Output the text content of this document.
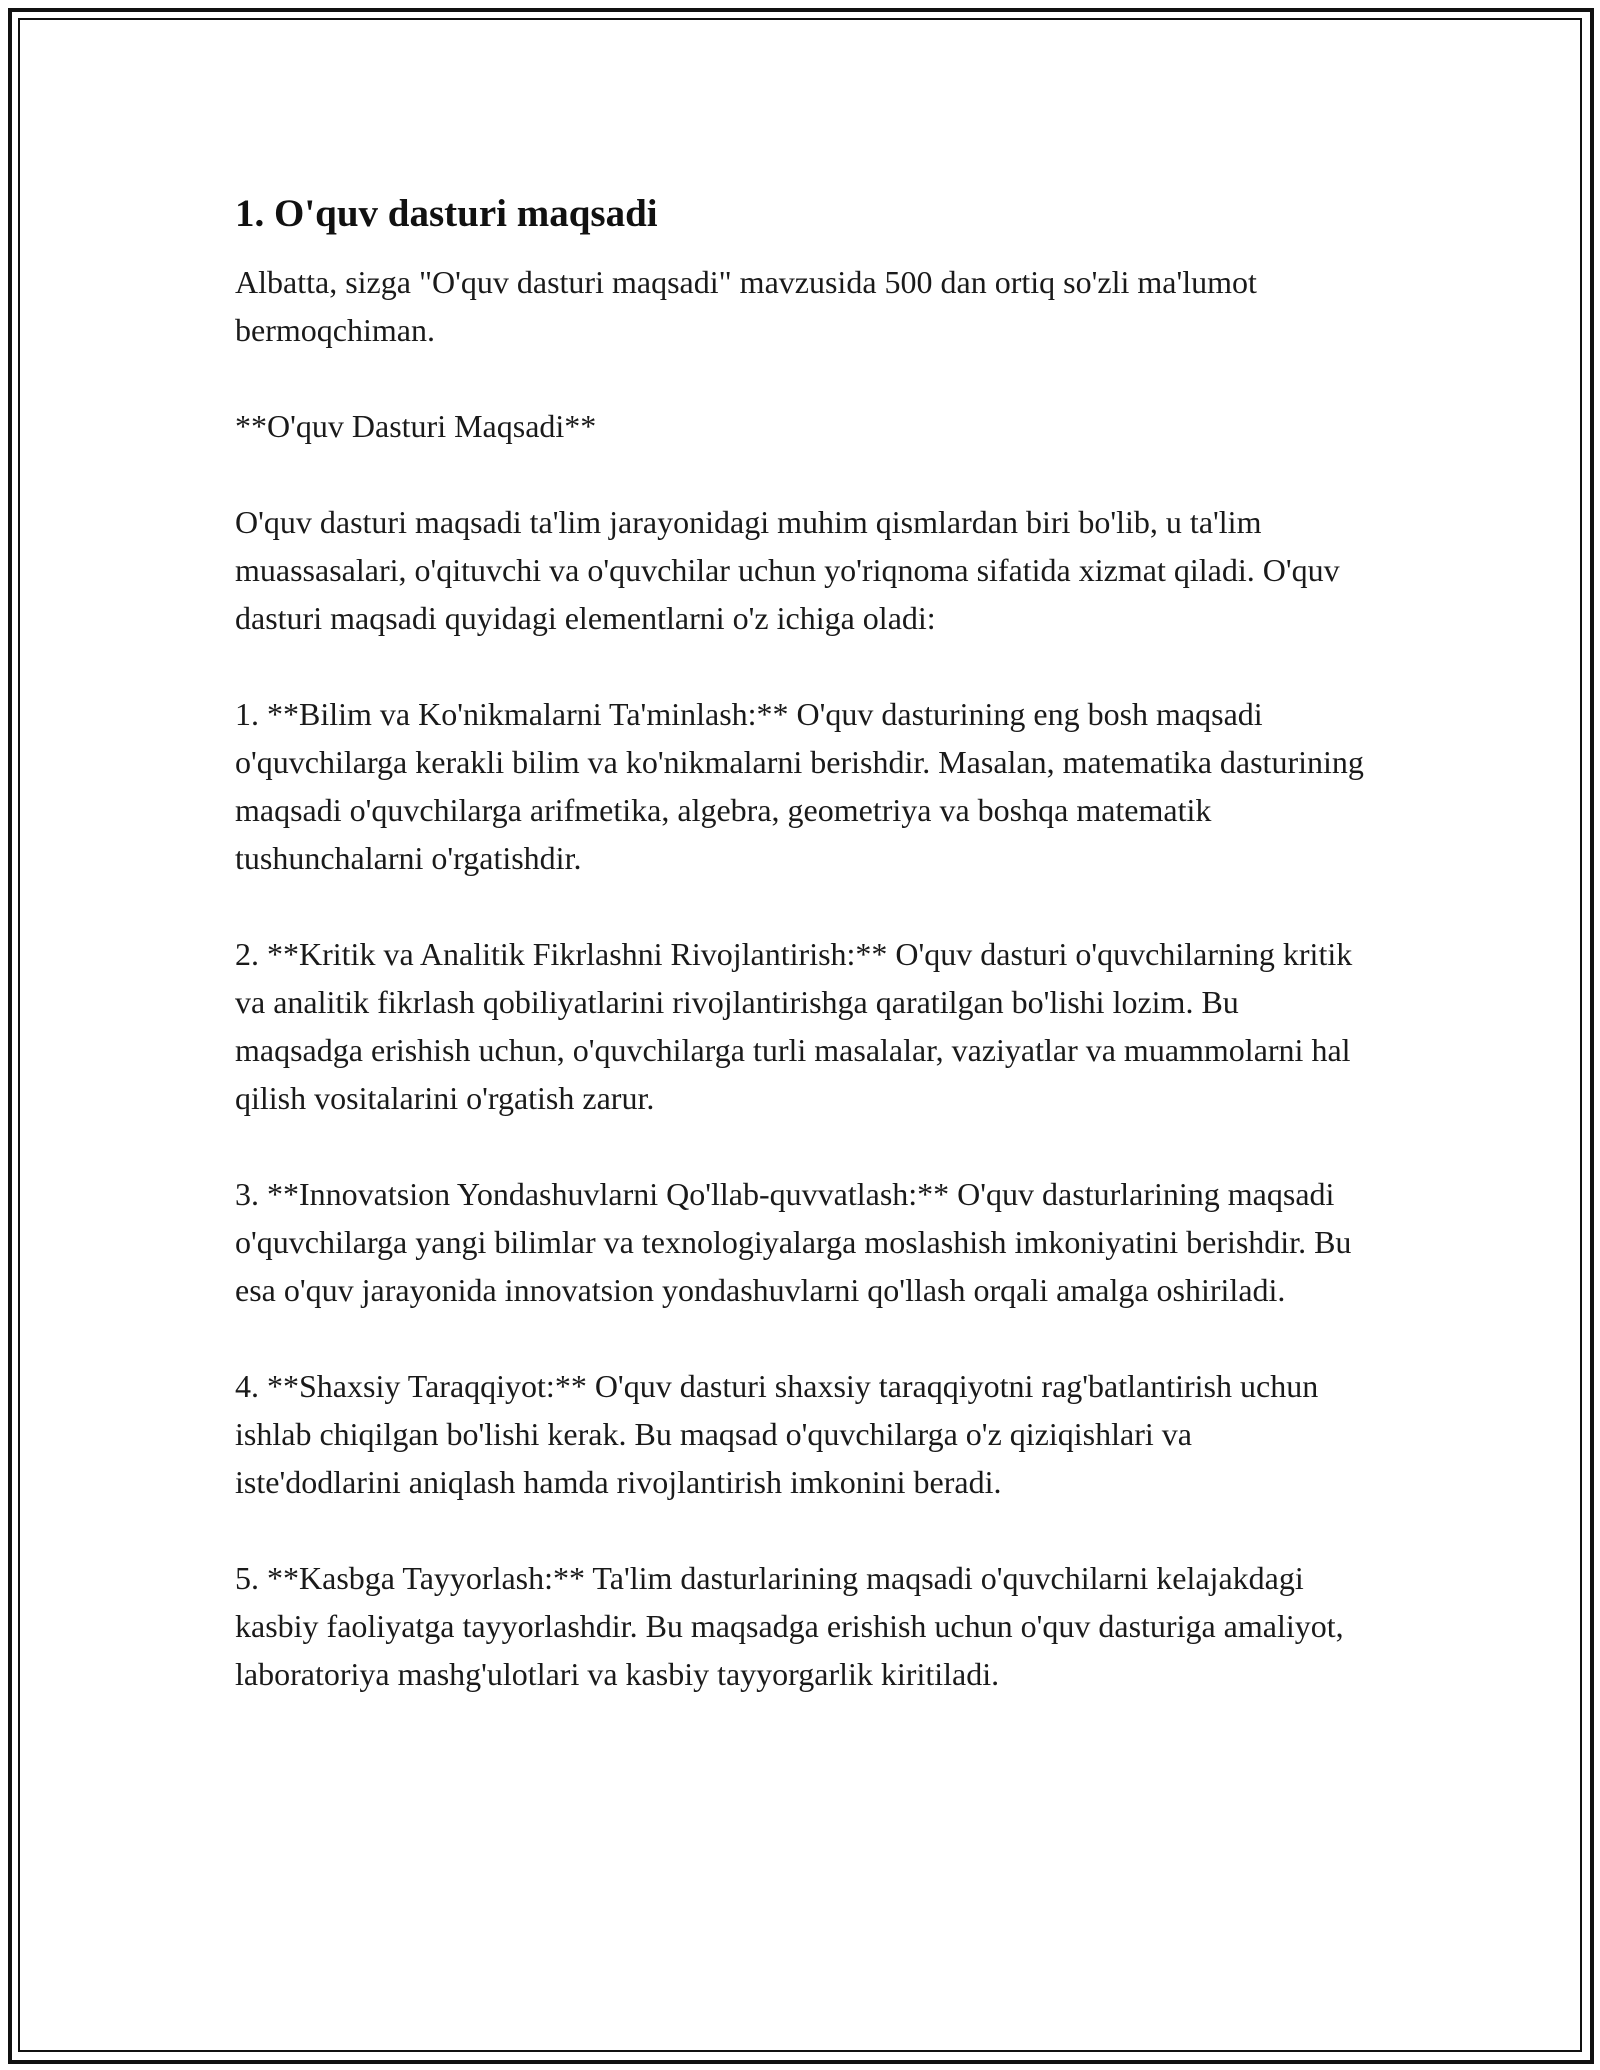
1. O'quv dasturi maqsadi

Albatta, sizga "O'quv dasturi maqsadi" mavzusida 500 dan ortiq so'zli ma'lumot bermoqchiman.

**O'quv Dasturi Maqsadi**

O'quv dasturi maqsadi ta'lim jarayonidagi muhim qismlardan biri bo'lib, u ta'lim muassasalari, o'qituvchi va o'quvchilar uchun yo'riqnoma sifatida xizmat qiladi. O'quv dasturi maqsadi quyidagi elementlarni o'z ichiga oladi:

1. **Bilim va Ko'nikmalarni Ta'minlash:** O'quv dasturining eng bosh maqsadi o'quvchilarga kerakli bilim va ko'nikmalarni berishdir. Masalan, matematika dasturining maqsadi o'quvchilarga arifmetika, algebra, geometriya va boshqa matematik tushunchalarni o'rgatishdir.

2. **Kritik va Analitik Fikrlashni Rivojlantirish:** O'quv dasturi o'quvchilarning kritik va analitik fikrlash qobiliyatlarini rivojlantirishga qaratilgan bo'lishi lozim. Bu maqsadga erishish uchun, o'quvchilarga turli masalalar, vaziyatlar va muammolarni hal qilish vositalarini o'rgatish zarur.

3. **Innovatsion Yondashuvlarni Qo'llab-quvvatlash:** O'quv dasturlarining maqsadi o'quvchilarga yangi bilimlar va texnologiyalarga moslashish imkoniyatini berishdir. Bu esa o'quv jarayonida innovatsion yondashuvlarni qo'llash orqali amalga oshiriladi.

4. **Shaxsiy Taraqqiyot:** O'quv dasturi shaxsiy taraqqiyotni rag'batlantirish uchun ishlab chiqilgan bo'lishi kerak. Bu maqsad o'quvchilarga o'z qiziqishlari va iste'dodlarini aniqlash hamda rivojlantirish imkonini beradi.

5. **Kasbga Tayyorlash:** Ta'lim dasturlarining maqsadi o'quvchilarni kelajakdagi kasbiy faoliyatga tayyorlashdir. Bu maqsadga erishish uchun o'quv dasturiga amaliyot, laboratoriya mashg'ulotlari va kasbiy tayyorgarlik kiritiladi.
